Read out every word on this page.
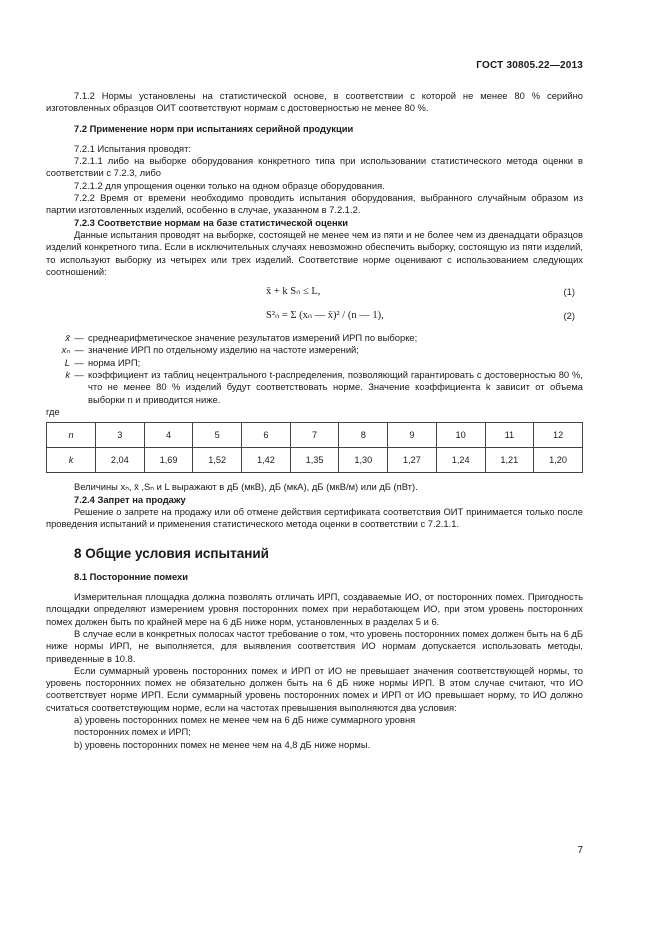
ГОСТ 30805.22—2013

7.1.2 Нормы установлены на статистической основе, в соответствии с которой не менее 80 % серийно изготовленных образцов ОИТ соответствуют нормам с достоверностью не менее 80 %.

7.2 Применение норм при испытаниях серийной продукции

7.2.1 Испытания проводят:

7.2.1.1 либо на выборке оборудования конкретного типа при использовании статистического метода оценки в соответствии с 7.2.3, либо

7.2.1.2 для упрощения оценки только на одном образце оборудования.

7.2.2 Время от времени необходимо проводить испытания оборудования, выбранного случайным образом из партии изготовленных изделий, особенно в случае, указанном в 7.2.1.2.

7.2.3 Соответствие нормам на базе статистической оценки

Данные испытания проводят на выборке, состоящей не менее чем из пяти и не более чем из двенадцати образцов изделий конкретного типа. Если в исключительных случаях невозможно обеспечить выборку, состоящую из пяти изделий, то используют выборку из четырех или трех изделий. Соответствие норме оценивают с использованием следующих соотношений:

x̄ + k Sₙ ≤ L,	(1)
S²ₙ = Σ (xₙ — x̄)² / (n — 1),	(2)
где
x̄ — среднеарифметическое значение результатов измерений ИРП по выборке;
xₙ — значение ИРП по отдельному изделию на частоте измерений;
L — норма ИРП;
k — коэффициент из таблиц нецентрального t-распределения, позволяющий гарантировать с достоверностью 80 %, что не менее 80 % изделий будут соответствовать норме. Значение коэффициента k зависит от объема выборки n и приводится ниже.
n	3	4	5	6	7	8	9	10	11	12
k	2,04	1,69	1,52	1,42	1,35	1,30	1,27	1,24	1,21	1,20

Величины xₙ, x̄ ,Sₙ и L выражают в дБ (мкВ), дБ (мкА), дБ (мкВ/м) или дБ (пВт).

7.2.4 Запрет на продажу

Решение о запрете на продажу или об отмене действия сертификата соответствия ОИТ принимается только после проведения испытаний и применения статистического метода оценки в соответствии с 7.2.1.1.

8 Общие условия испытаний

8.1 Посторонние помехи

Измерительная площадка должна позволять отличать ИРП, создаваемые ИО, от посторонних помех. Пригодность площадки определяют измерением уровня посторонних помех при неработающем ИО, при этом уровень посторонних помех должен быть по крайней мере на 6 дБ ниже норм, установленных в разделах 5 и 6.

В случае если в конкретных полосах частот требование о том, что уровень посторонних помех должен быть на 6 дБ ниже нормы ИРП, не выполняется, для выявления соответствия ИО нормам допускается использовать методы, приведенные в 10.8.

Если суммарный уровень посторонних помех и ИРП от ИО не превышает значения соответствующей нормы, то уровень посторонних помех не обязательно должен быть на 6 дБ ниже нормы ИРП. В этом случае считают, что ИО соответствует норме ИРП. Если суммарный уровень посторонних помех и ИРП от ИО превышает норму, то ИО должно считаться соответствующим норме, если на частотах превышения выполняются два условия:

a) уровень посторонних помех не менее чем на 6 дБ ниже суммарного уровня

посторонних помех и ИРП;

b) уровень посторонних помех не менее чем на 4,8 дБ ниже нормы.

7
